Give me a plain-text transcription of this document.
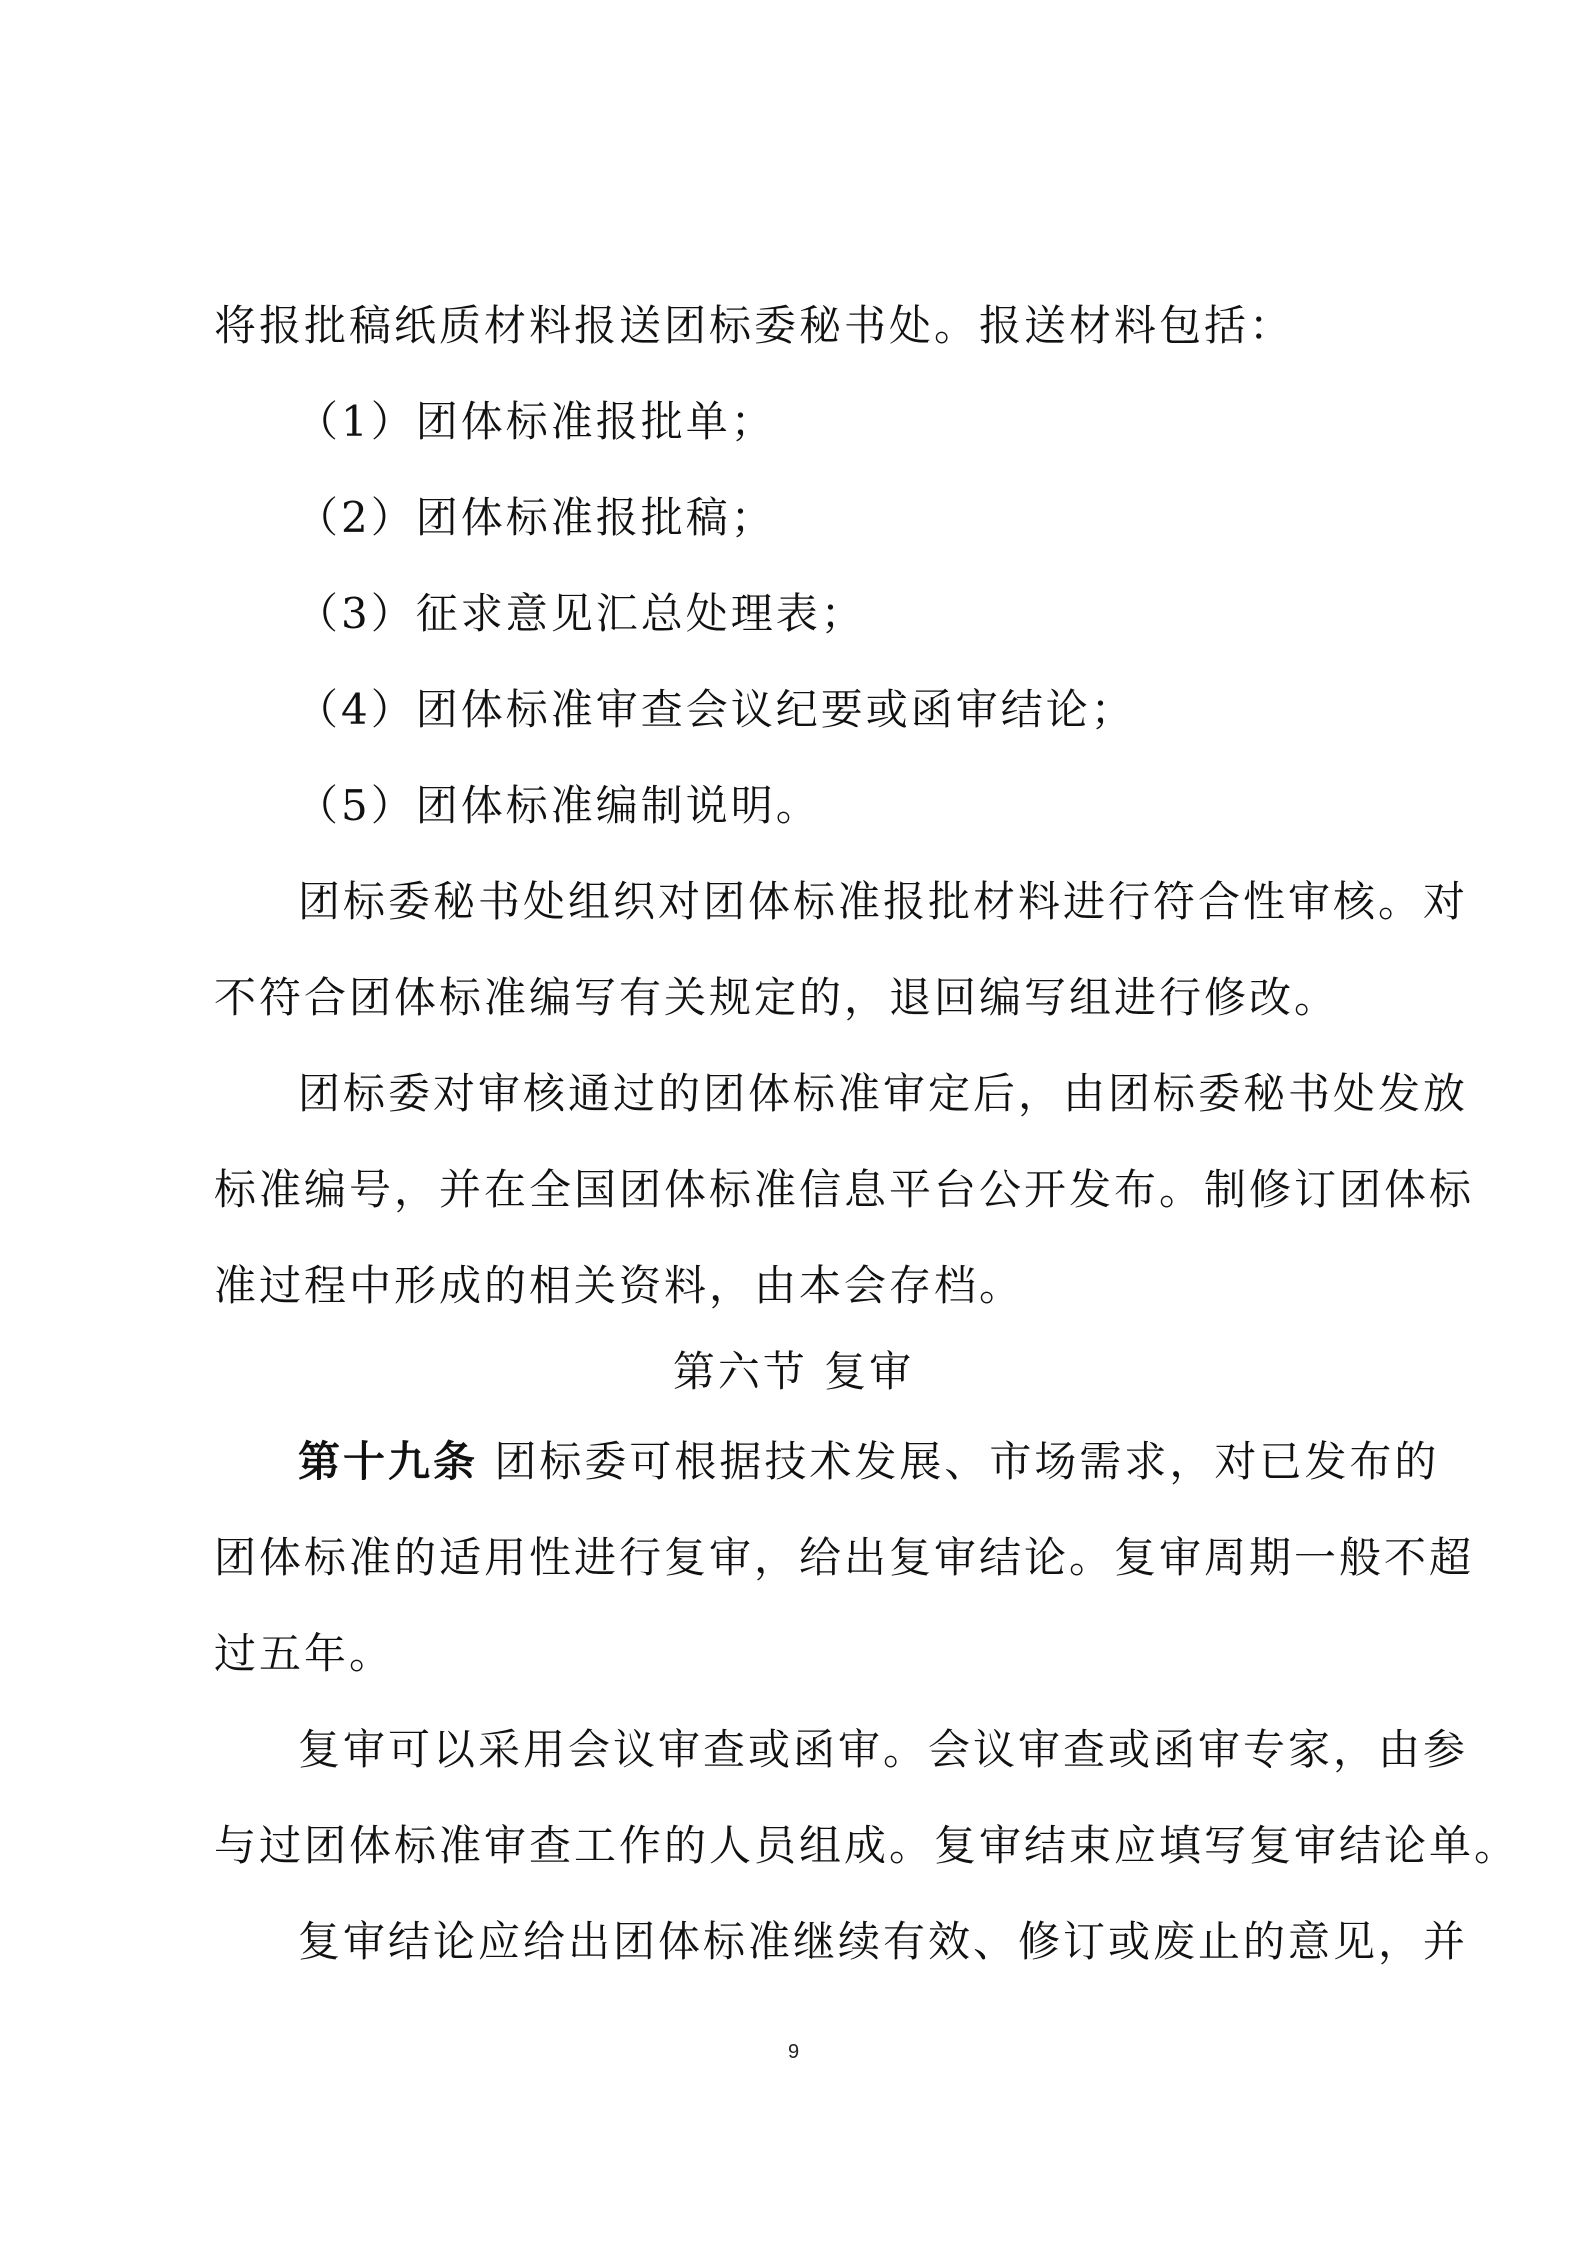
将报批稿纸质材料报送团标委秘书处。报送材料包括：
（1）团体标准报批单；
（2）团体标准报批稿；
（3）征求意见汇总处理表；
（4）团体标准审查会议纪要或函审结论；
（5）团体标准编制说明。
团标委秘书处组织对团体标准报批材料进行符合性审核。对
不符合团体标准编写有关规定的，退回编写组进行修改。
团标委对审核通过的团体标准审定后，由团标委秘书处发放
标准编号，并在全国团体标准信息平台公开发布。制修订团体标
准过程中形成的相关资料，由本会存档。
第六节 复审
第十九条 团标委可根据技术发展、市场需求，对已发布的
团体标准的适用性进行复审，给出复审结论。复审周期一般不超
过五年。
复审可以采用会议审查或函审。会议审查或函审专家，由参
与过团体标准审查工作的人员组成。复审结束应填写复审结论单。
复审结论应给出团体标准继续有效、修订或废止的意见，并
9
